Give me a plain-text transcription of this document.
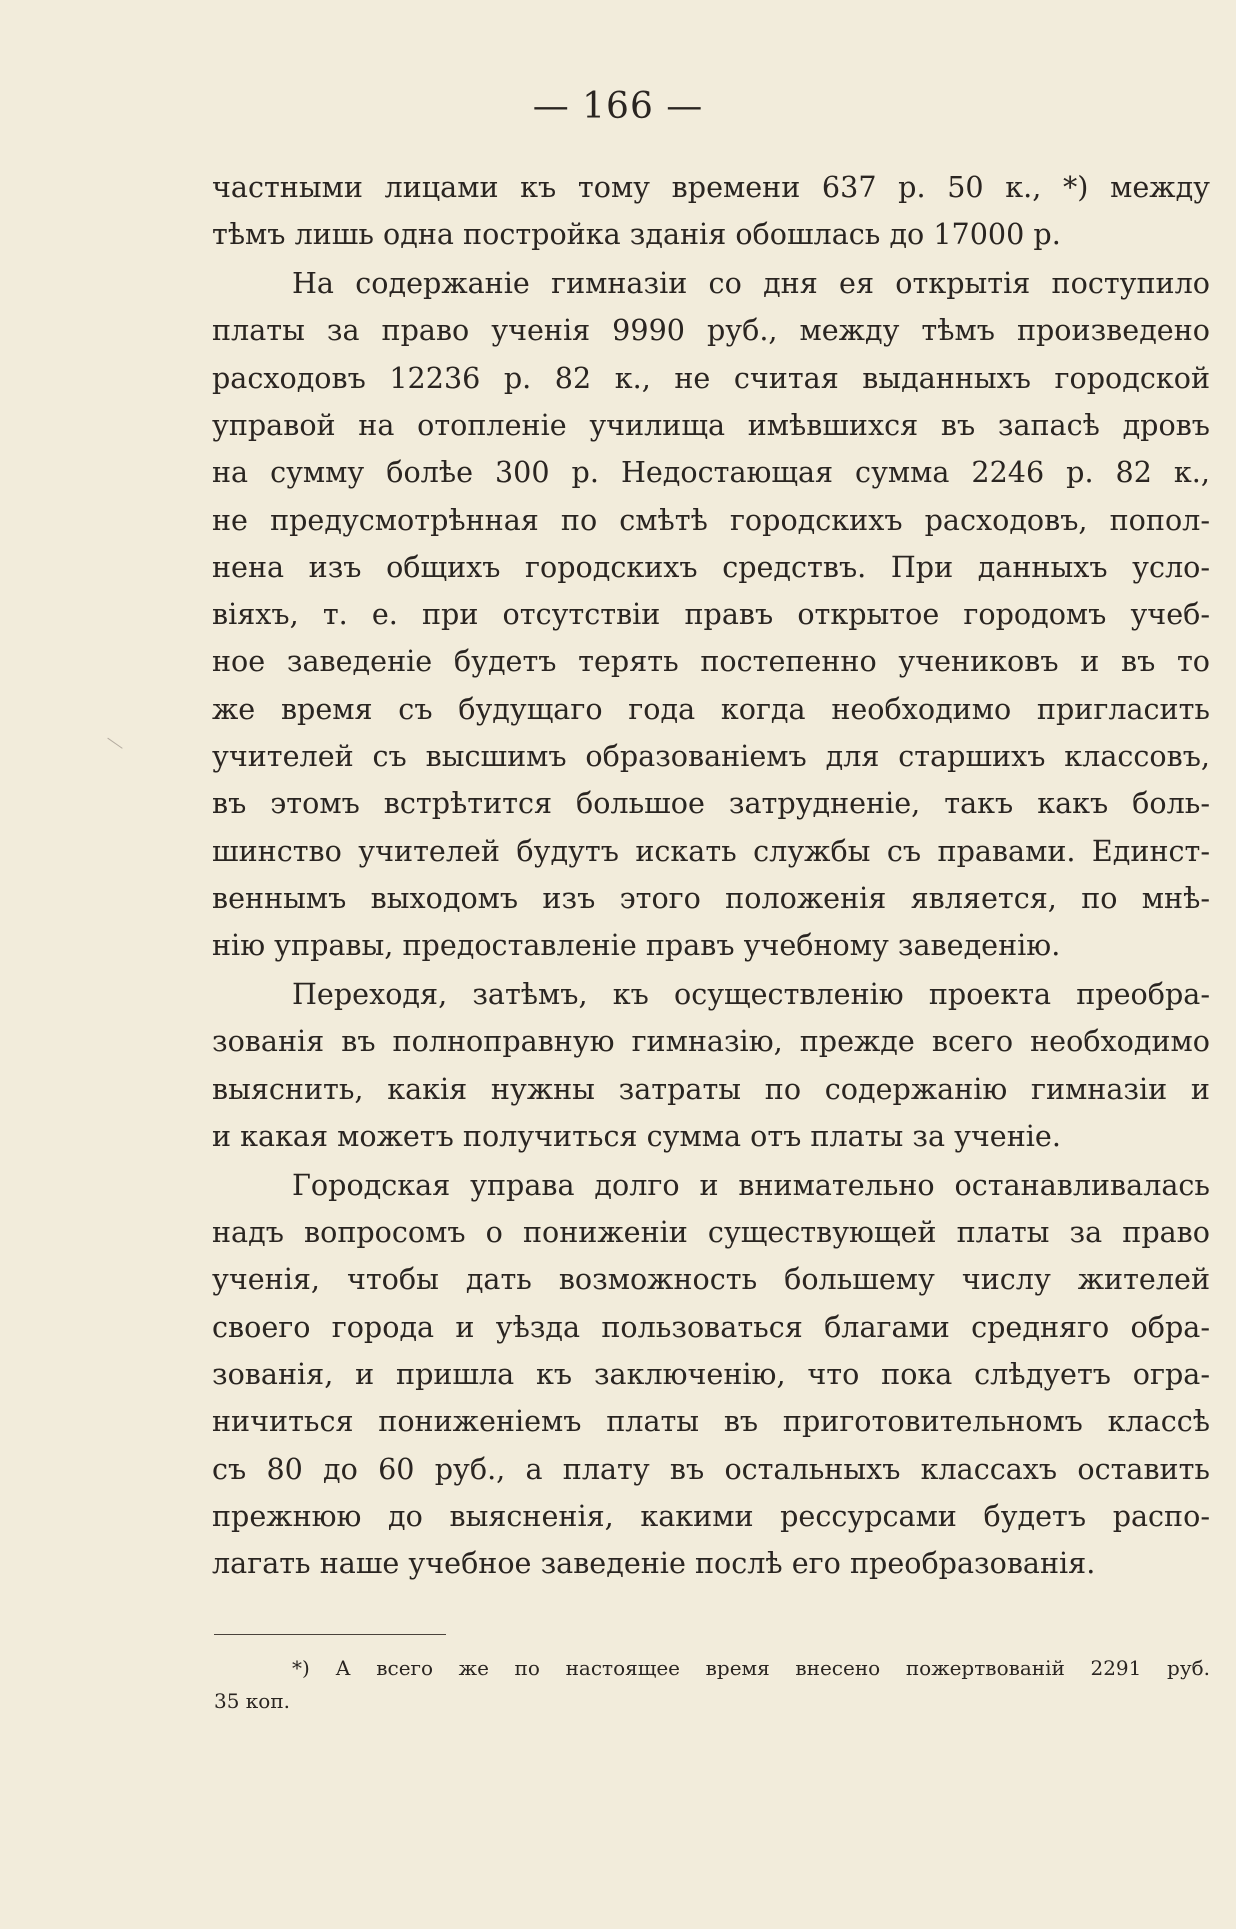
— 166 —
частными лицами къ тому времени 637 р. 50 к., *) между
тѣмъ лишь одна постройка зданія обошлась до 17000 р.
На содержаніе гимназіи со дня ея открытія поступило
платы за право ученія 9990 руб., между тѣмъ произведено
расходовъ 12236 р. 82 к., не считая выданныхъ городской
управой на отопленіе училища имѣвшихся въ запасѣ дровъ
на сумму болѣе 300 р. Недостающая сумма 2246 р. 82 к.,
не предусмотрѣнная по смѣтѣ городскихъ расходовъ, попол-
нена изъ общихъ городскихъ средствъ. При данныхъ усло-
віяхъ, т. е. при отсутствіи правъ открытое городомъ учеб-
ное заведеніе будетъ терять постепенно учениковъ и въ то
же время съ будущаго года когда необходимо пригласить
учителей съ высшимъ образованіемъ для старшихъ классовъ,
въ этомъ встрѣтится большое затрудненіе, такъ какъ боль-
шинство учителей будутъ искать службы съ правами. Единст-
веннымъ выходомъ изъ этого положенія является, по мнѣ-
нію управы, предоставленіе правъ учебному заведенію.
Переходя, затѣмъ, къ осуществленію проекта преобра-
зованія въ полноправную гимназію, прежде всего необходимо
выяснить, какія нужны затраты по содержанію гимназіи и
и какая можетъ получиться сумма отъ платы за ученіе.
Городская управа долго и внимательно останавливалась
надъ вопросомъ о пониженіи существующей платы за право
ученія, чтобы дать возможность большему числу жителей
своего города и уѣзда пользоваться благами средняго обра-
зованія, и пришла къ заключенію, что пока слѣдуетъ огра-
ничиться пониженіемъ платы въ приготовительномъ классѣ
съ 80 до 60 руб., а плату въ остальныхъ классахъ оставить
прежнюю до выясненія, какими рессурсами будетъ распо-
лагать наше учебное заведеніе послѣ его преобразованія.
*) А всего же по настоящее время внесено пожертвованій 2291 руб.
35 коп.
